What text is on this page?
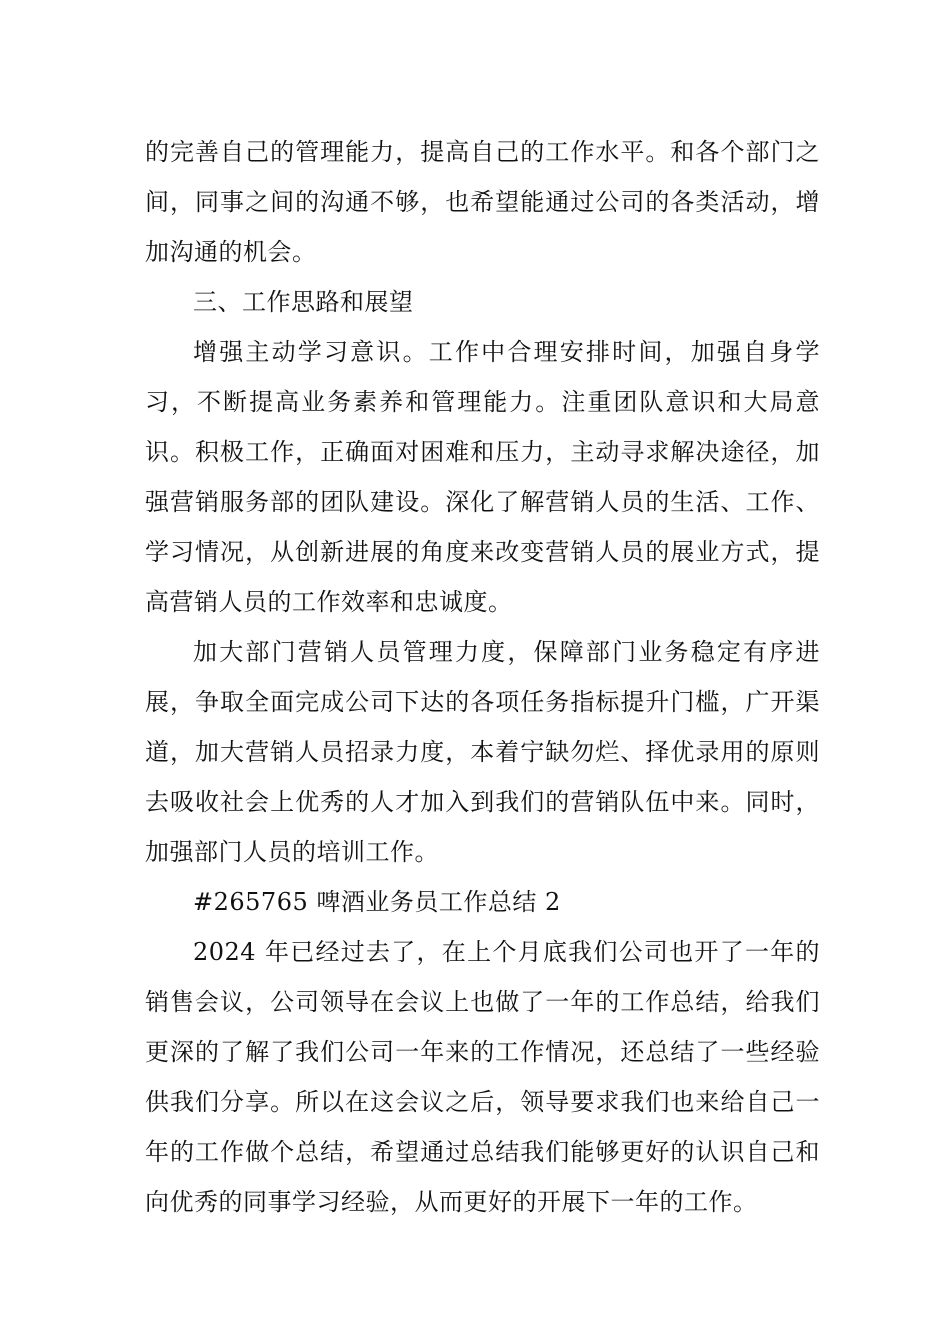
的完善自己的管理能力，提高自己的工作水平。和各个部门之间，同事之间的沟通不够，也希望能通过公司的各类活动，增加沟通的机会。

三、工作思路和展望

增强主动学习意识。工作中合理安排时间，加强自身学习，不断提高业务素养和管理能力。注重团队意识和大局意识。积极工作，正确面对困难和压力，主动寻求解决途径，加强营销服务部的团队建设。深化了解营销人员的生活、工作、学习情况，从创新进展的角度来改变营销人员的展业方式，提高营销人员的工作效率和忠诚度。

加大部门营销人员管理力度，保障部门业务稳定有序进展，争取全面完成公司下达的各项任务指标提升门槛，广开渠道，加大营销人员招录力度，本着宁缺勿烂、择优录用的原则去吸收社会上优秀的人才加入到我们的营销队伍中来。同时，加强部门人员的培训工作。

#265765 啤酒业务员工作总结 2

2024 年已经过去了，在上个月底我们公司也开了一年的销售会议，公司领导在会议上也做了一年的工作总结，给我们更深的了解了我们公司一年来的工作情况，还总结了一些经验供我们分享。所以在这会议之后，领导要求我们也来给自己一年的工作做个总结，希望通过总结我们能够更好的认识自己和向优秀的同事学习经验，从而更好的开展下一年的工作。
